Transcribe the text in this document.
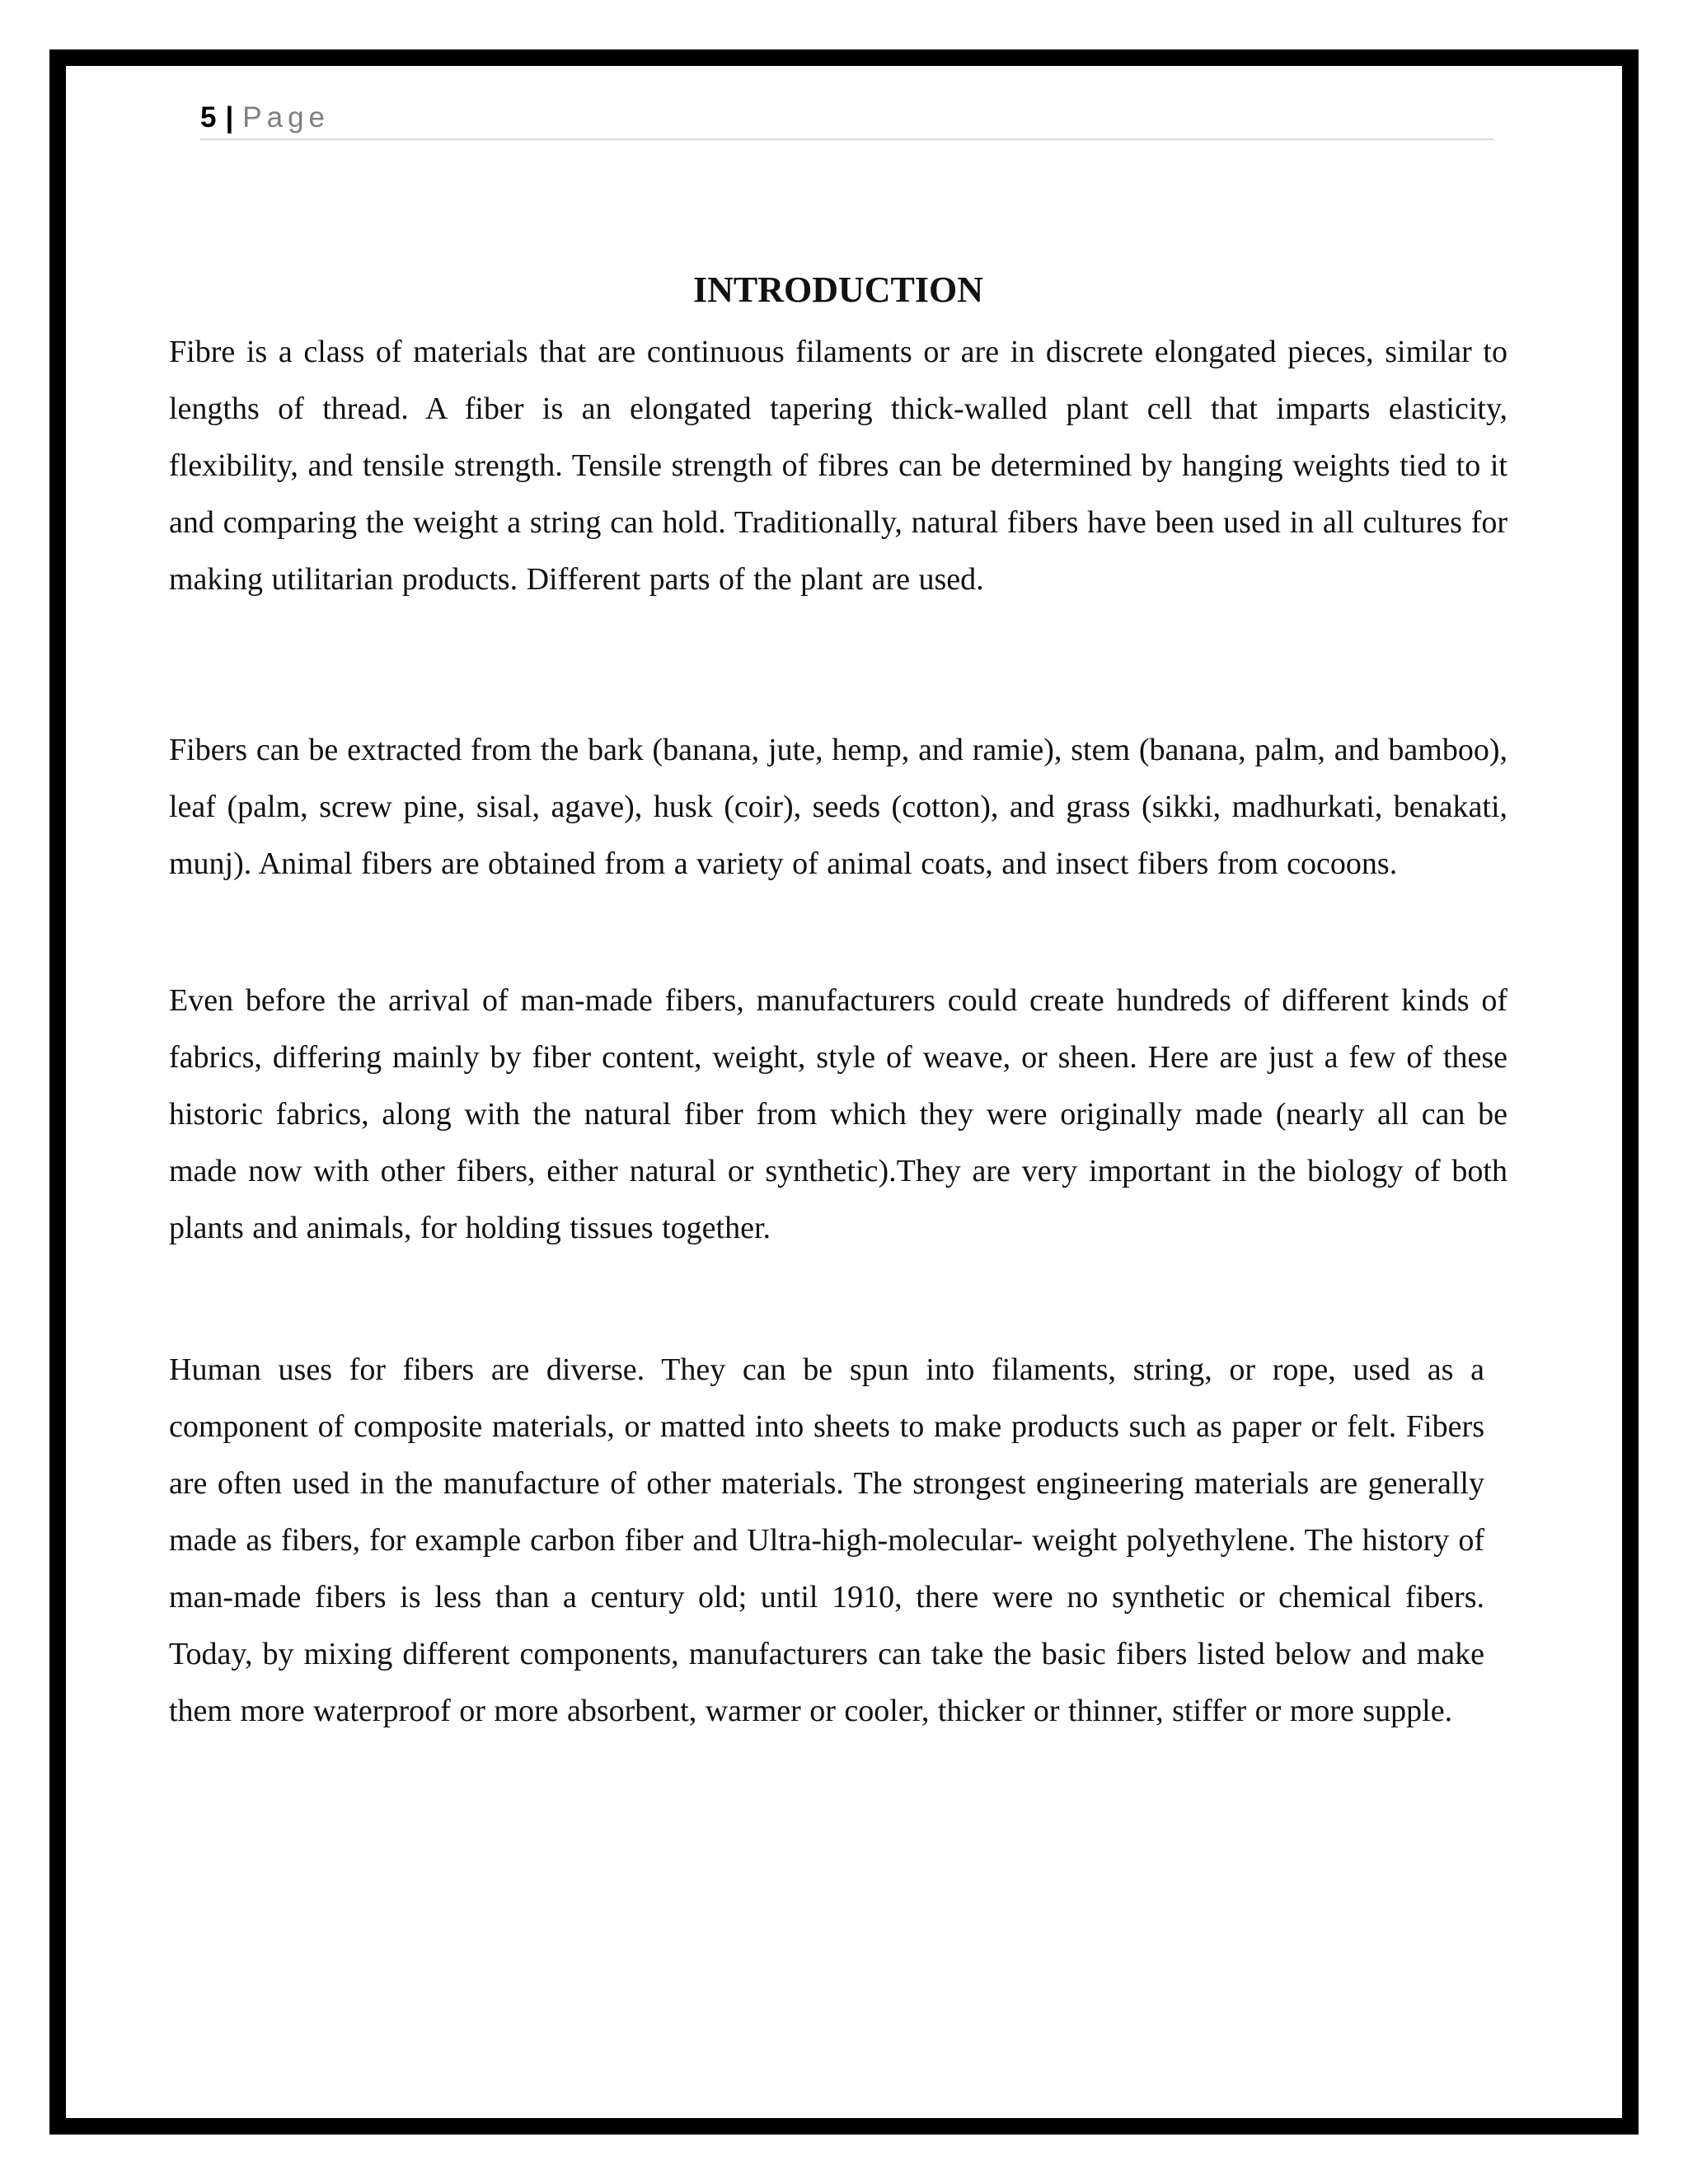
5 | Page
INTRODUCTION

Fibre is a class of materials that are continuous filaments or are in discrete elongated pieces, similar to lengths of thread. A fiber is an elongated tapering thick-walled plant cell that imparts elasticity, flexibility, and tensile strength. Tensile strength of fibres can be determined by hanging weights tied to it and comparing the weight a string can hold. Traditionally, natural fibers have been used in all cultures for making utilitarian products. Different parts of the plant are used.

Fibers can be extracted from the bark (banana, jute, hemp, and ramie), stem (banana, palm, and bamboo), leaf (palm, screw pine, sisal, agave), husk (coir), seeds (cotton), and grass (sikki, madhurkati, benakati, munj). Animal fibers are obtained from a variety of animal coats, and insect fibers from cocoons.

Even before the arrival of man-made fibers, manufacturers could create hundreds of different kinds of fabrics, differing mainly by fiber content, weight, style of weave, or sheen. Here are just a few of these historic fabrics, along with the natural fiber from which they were originally made (nearly all can be made now with other fibers, either natural or synthetic).They are very important in the biology of both plants and animals, for holding tissues together.

Human uses for fibers are diverse. They can be spun into filaments, string, or rope, used as a component of composite materials, or matted into sheets to make products such as paper or felt. Fibers are often used in the manufacture of other materials. The strongest engineering materials are generally made as fibers, for example carbon fiber and Ultra-high-molecular- weight polyethylene. The history of man-made fibers is less than a century old; until 1910, there were no synthetic or chemical fibers. Today, by mixing different components, manufacturers can take the basic fibers listed below and make them more waterproof or more absorbent, warmer or cooler, thicker or thinner, stiffer or more supple.
